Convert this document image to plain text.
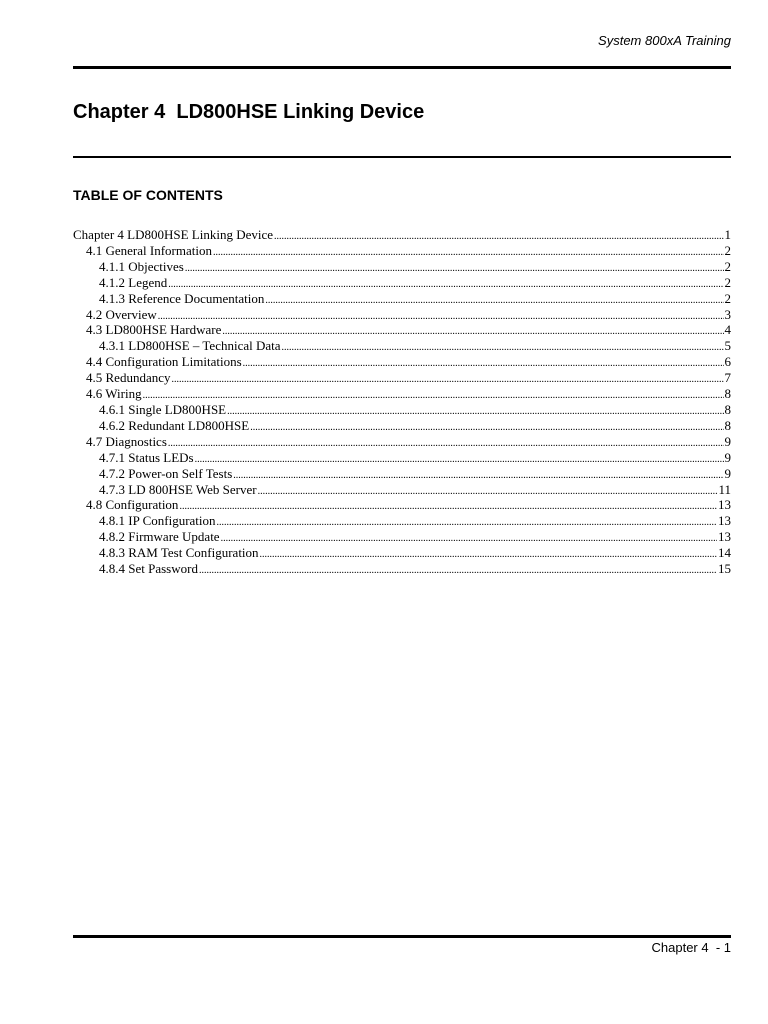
System 800xA Training
Chapter 4  LD800HSE Linking Device
TABLE OF CONTENTS
Chapter 4 LD800HSE Linking Device .....	1
4.1 General Information .....	2
4.1.1 Objectives .....	2
4.1.2 Legend .....	2
4.1.3 Reference Documentation .....	2
4.2 Overview .....	3
4.3 LD800HSE Hardware .....	4
4.3.1 LD800HSE – Technical Data .....	5
4.4 Configuration Limitations .....	6
4.5 Redundancy .....	7
4.6 Wiring .....	8
4.6.1 Single LD800HSE .....	8
4.6.2 Redundant LD800HSE .....	8
4.7 Diagnostics .....	9
4.7.1 Status LEDs .....	9
4.7.2 Power-on Self Tests .....	9
4.7.3 LD 800HSE Web Server .....	11
4.8 Configuration .....	13
4.8.1 IP Configuration .....	13
4.8.2 Firmware Update .....	13
4.8.3 RAM Test Configuration .....	14
4.8.4 Set Password .....	15
Chapter 4  - 1
